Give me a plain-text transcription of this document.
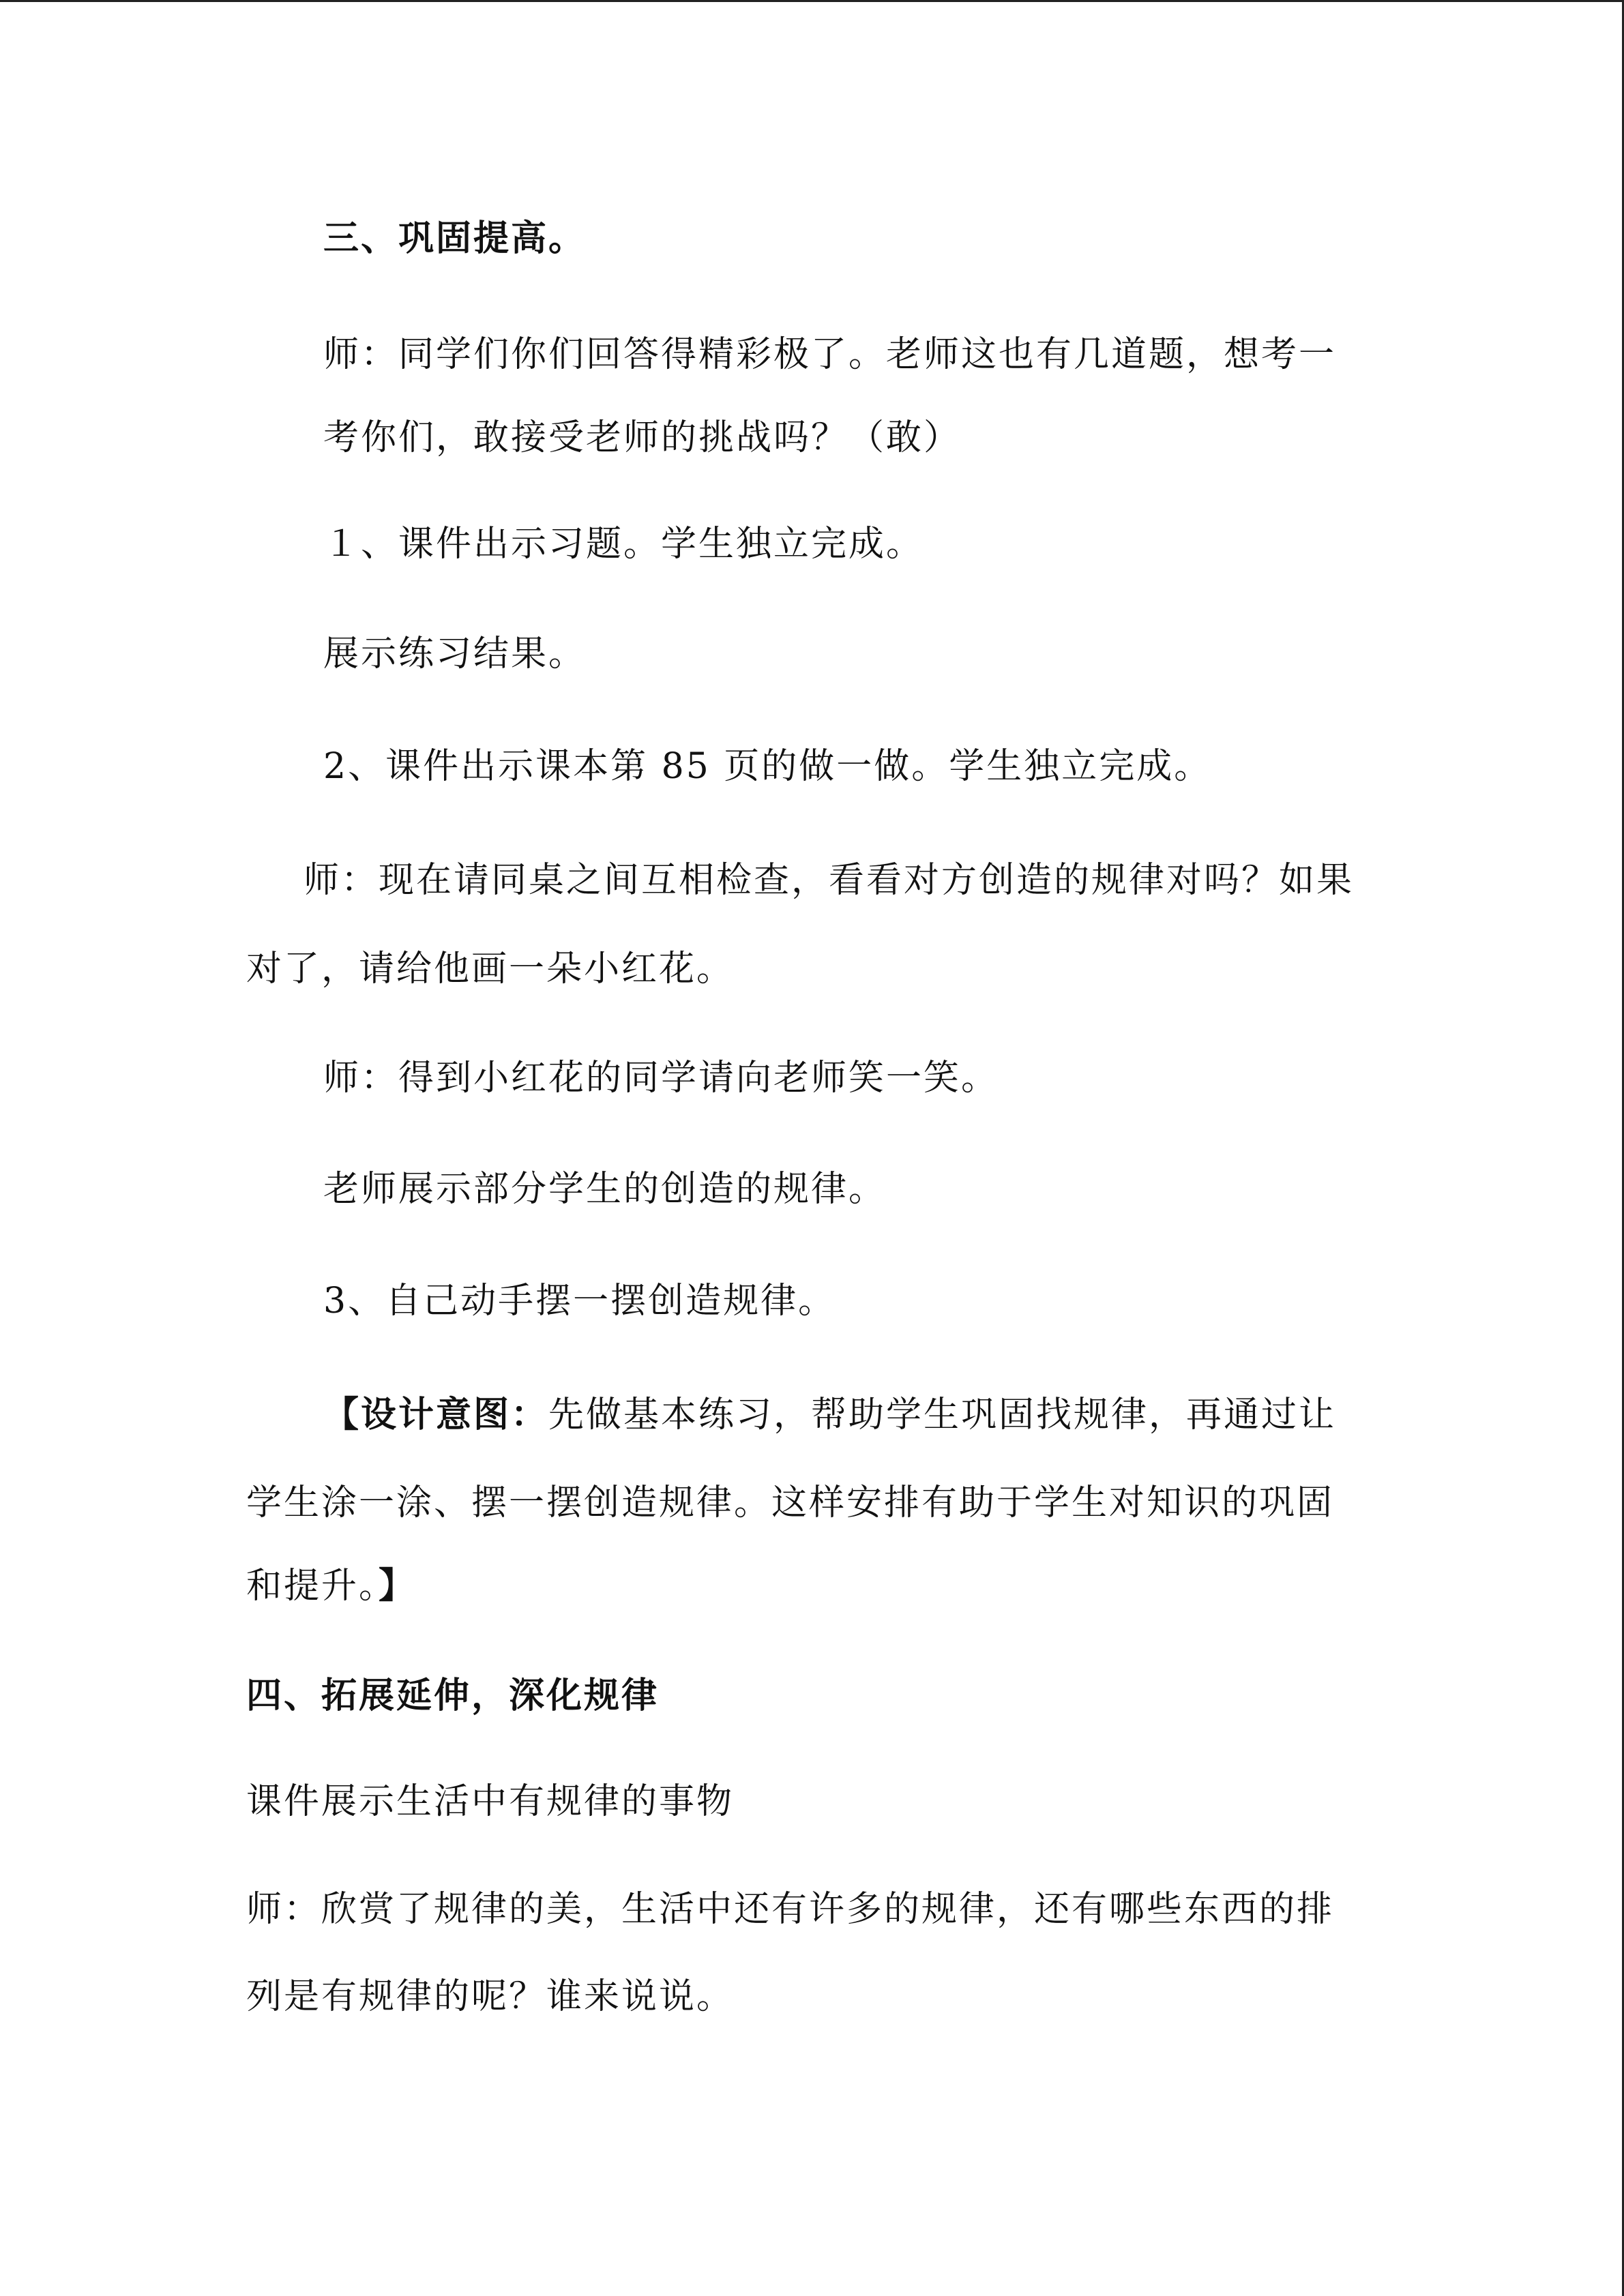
三、巩固提高。
师：同学们你们回答得精彩极了。老师这也有几道题，想考一
考你们，敢接受老师的挑战吗？（敢）
１、课件出示习题。学生独立完成。
展示练习结果。
2、课件出示课本第 85 页的做一做。学生独立完成。
师：现在请同桌之间互相检查，看看对方创造的规律对吗？如果
对了，请给他画一朵小红花。
师：得到小红花的同学请向老师笑一笑。
老师展示部分学生的创造的规律。
3、自己动手摆一摆创造规律。
【设计意图：先做基本练习，帮助学生巩固找规律，再通过让
学生涂一涂、摆一摆创造规律。这样安排有助于学生对知识的巩固
和提升。】
四、拓展延伸，深化规律
课件展示生活中有规律的事物
师：欣赏了规律的美，生活中还有许多的规律，还有哪些东西的排
列是有规律的呢？谁来说说。
